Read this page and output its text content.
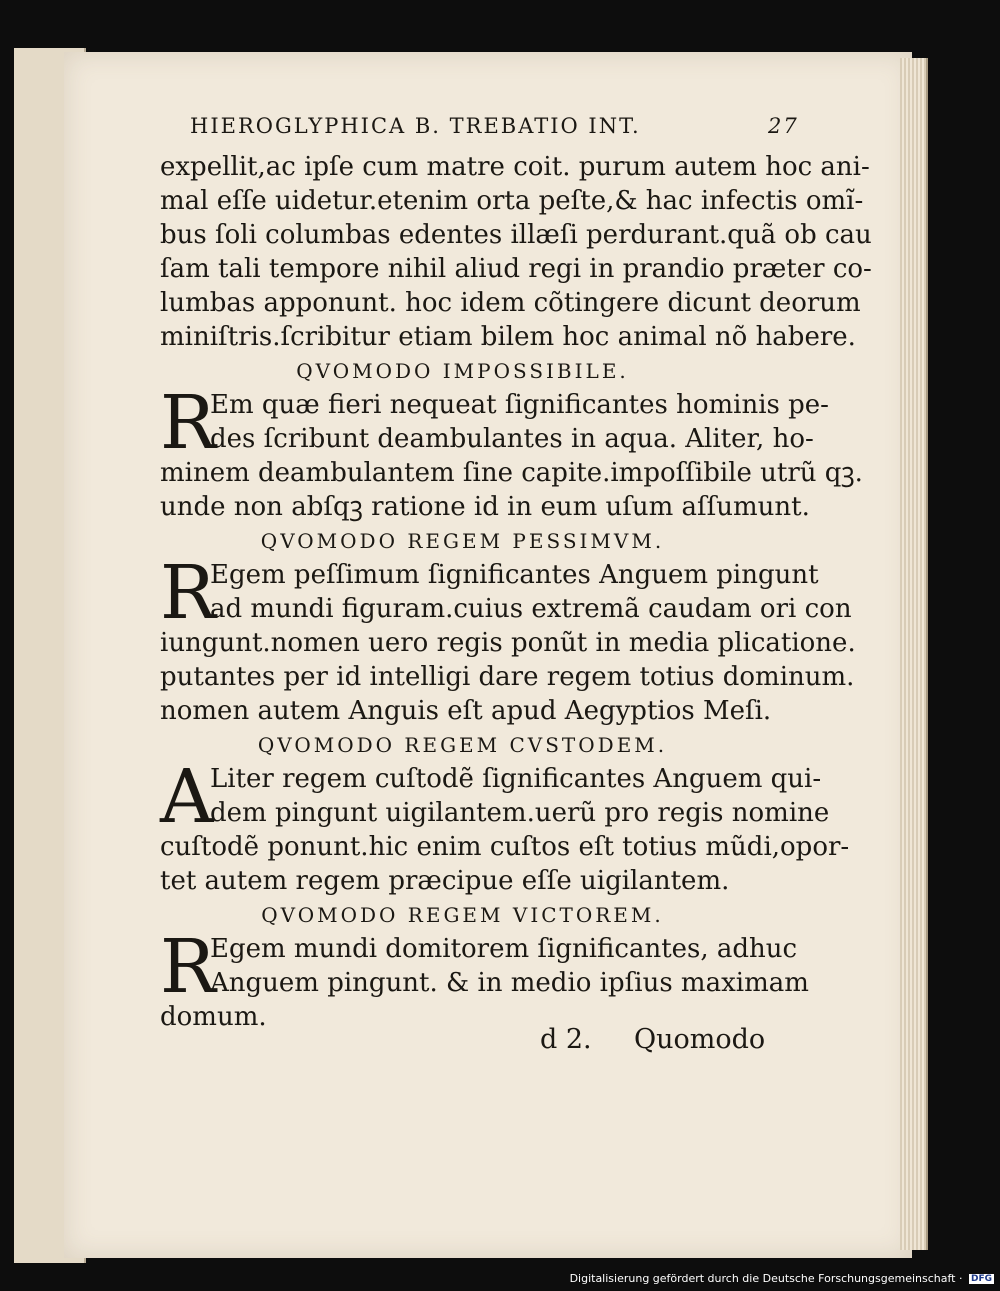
HIEROGLYPHICA B. TREBATIO INT.	27
expellit,ac ipſe cum matre coit. purum autem hoc ani‑
mal eſſe uidetur.etenim orta peſte,& hac infectis omĩ‑
bus ſoli columbas edentes illæſi perdurant.quã ob cau
ſam tali tempore nihil aliud regi in prandio præter co‑
lumbas apponunt. hoc idem cõtingere dicunt deorum
miniſtris.ſcribitur etiam bilem hoc animal nõ habere.
QVOMODO IMPOSSIBILE.
R
Em quæ fieri nequeat ſignificantes hominis pe‑
des ſcribunt deambulantes in aqua. Aliter, ho‑
minem deambulantem ſine capite.impoſſibile utrũ qꝫ.
unde non abſqꝫ ratione id in eum uſum aſſumunt.
QVOMODO REGEM PESSIMVM.
R
Egem peſſimum ſignificantes Anguem pingunt
ad mundi figuram.cuius extremã caudam ori con
iungunt.nomen uero regis ponũt in media plicatione.
putantes per id intelligi dare regem totius dominum.
nomen autem Anguis eſt apud Aegyptios Meſi.
QVOMODO REGEM CVSTODEM.
A
Liter regem cuſtodẽ ſignificantes Anguem qui‑
dem pingunt uigilantem.uerũ pro regis nomine
cuſtodẽ ponunt.hic enim cuſtos eſt totius mũdi,opor‑
tet autem regem præcipue eſſe uigilantem.
QVOMODO REGEM VICTOREM.
R
Egem mundi domitorem ſignificantes, adhuc
Anguem pingunt. & in medio ipſius maximam
domum.
d 2. Quomodo
Digitalisierung gefördert durch die Deutsche Forschungsgemeinschaft · DFG
